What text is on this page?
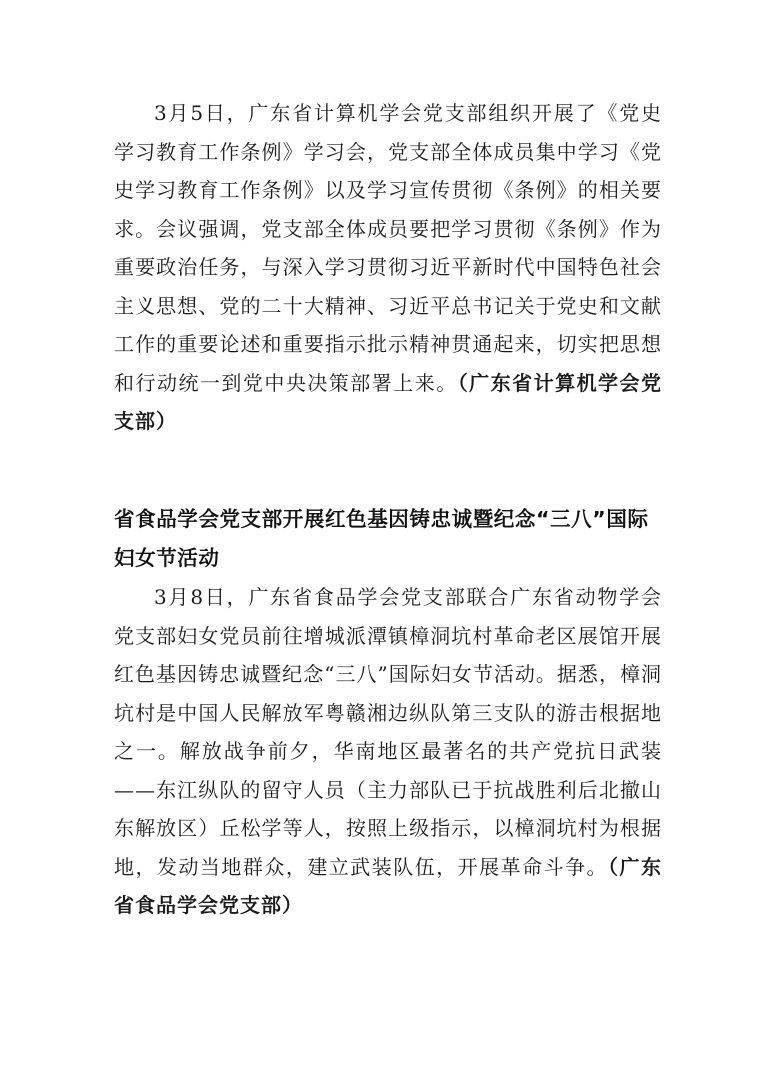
3月5日，广东省计算机学会党支部组织开展了《党史学习教育工作条例》学习会，党支部全体成员集中学习《党史学习教育工作条例》以及学习宣传贯彻《条例》的相关要求。会议强调，党支部全体成员要把学习贯彻《条例》作为重要政治任务，与深入学习贯彻习近平新时代中国特色社会主义思想、党的二十大精神、习近平总书记关于党史和文献工作的重要论述和重要指示批示精神贯通起来，切实把思想和行动统一到党中央决策部署上来。（广东省计算机学会党支部）

省食品学会党支部开展红色基因铸忠诚暨纪念“三八”国际妇女节活动

3月8日，广东省食品学会党支部联合广东省动物学会党支部妇女党员前往增城派潭镇樟洞坑村革命老区展馆开展红色基因铸忠诚暨纪念“三八”国际妇女节活动。据悉，樟洞坑村是中国人民解放军粤赣湘边纵队第三支队的游击根据地之一。解放战争前夕，华南地区最著名的共产党抗日武装——东江纵队的留守人员（主力部队已于抗战胜利后北撤山东解放区）丘松学等人，按照上级指示，以樟洞坑村为根据地，发动当地群众，建立武装队伍，开展革命斗争。（广东省食品学会党支部）
